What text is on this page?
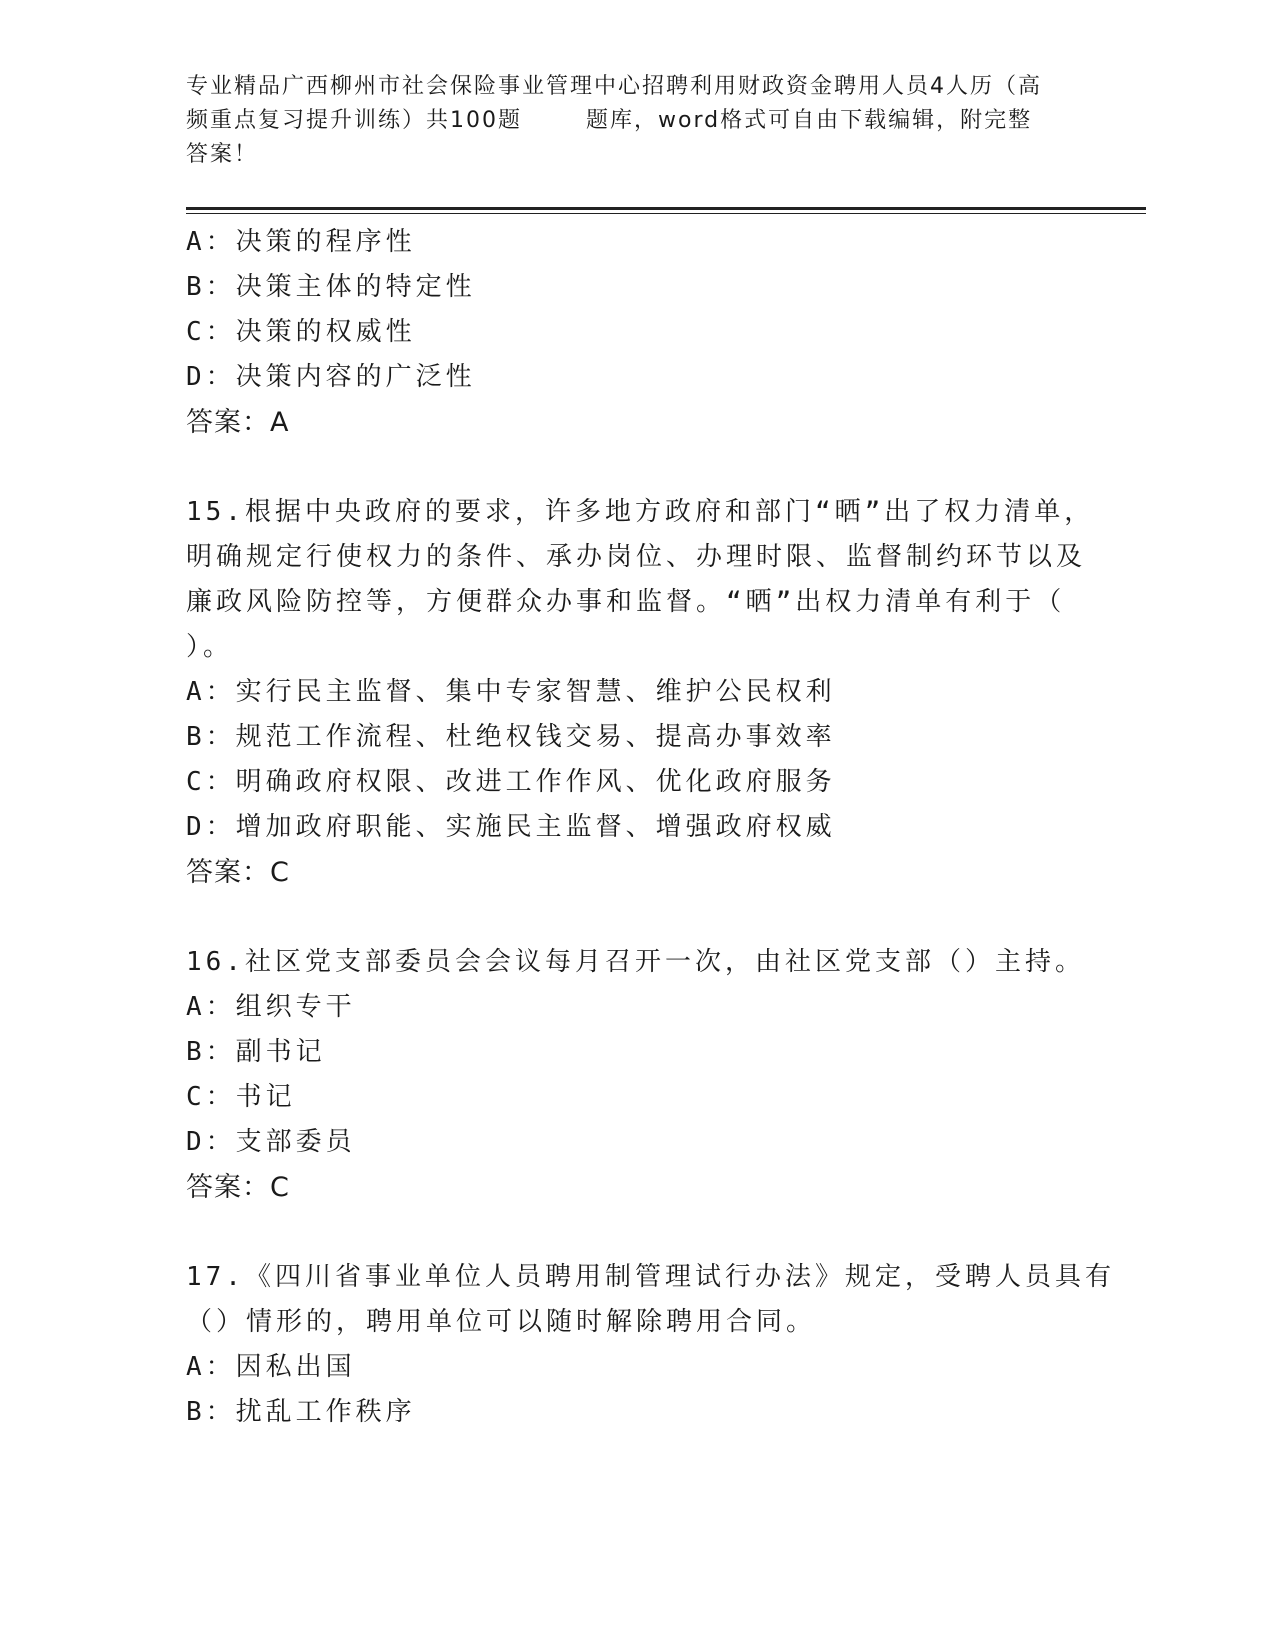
专业精品广西柳州市社会保险事业管理中心招聘利用财政资金聘用人员4人历（高
频重点复习提升训练）共100题	题库，word格式可自由下载编辑，附完整
答案！
A：决策的程序性
B：决策主体的特定性
C：决策的权威性
D：决策内容的广泛性
答案：A
15.根据中央政府的要求，许多地方政府和部门“晒”出了权力清单，
明确规定行使权力的条件、承办岗位、办理时限、监督制约环节以及
廉政风险防控等，方便群众办事和监督。“晒”出权力清单有利于（
）。
A：实行民主监督、集中专家智慧、维护公民权利
B：规范工作流程、杜绝权钱交易、提高办事效率
C：明确政府权限、改进工作作风、优化政府服务
D：增加政府职能、实施民主监督、增强政府权威
答案：C
16.社区党支部委员会会议每月召开一次，由社区党支部（）主持。
A：组织专干
B：副书记
C：书记
D：支部委员
答案：C
17.《四川省事业单位人员聘用制管理试行办法》规定，受聘人员具有
（）情形的，聘用单位可以随时解除聘用合同。
A：因私出国
B：扰乱工作秩序
